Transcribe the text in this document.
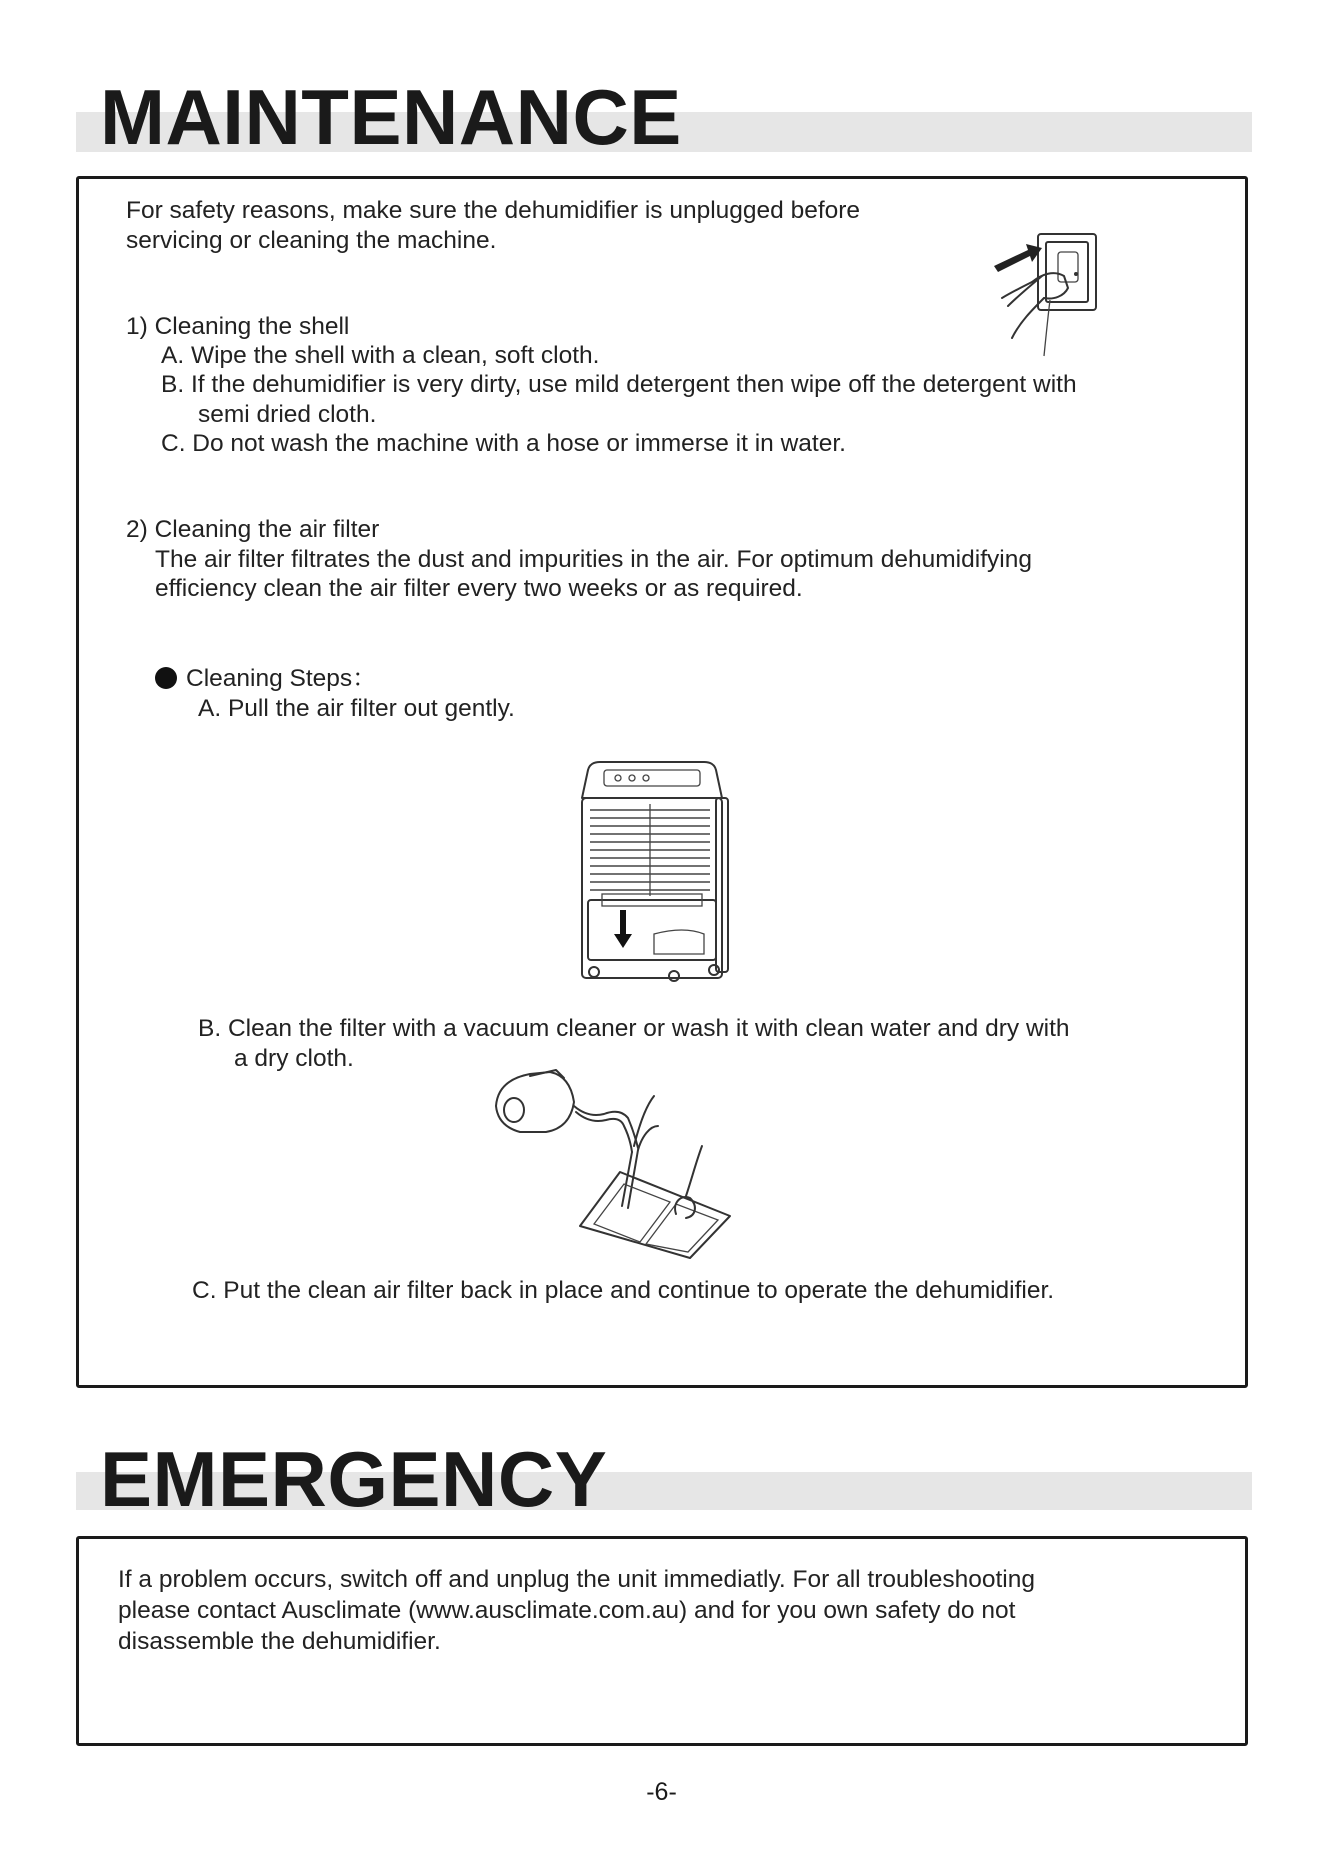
MAINTENANCE
For safety reasons, make sure the dehumidifier is unplugged before
servicing or cleaning the machine.
1) Cleaning the shell
A. Wipe the shell with a clean, soft cloth.
B. If the dehumidifier is very dirty, use mild detergent then wipe off the detergent with
semi dried cloth.
C. Do not wash the machine with a hose or immerse it in water.
2) Cleaning the air filter
The air filter filtrates the dust and impurities in the air. For optimum dehumidifying
efficiency clean the air filter every two weeks or as required.
Cleaning Steps：
A. Pull the air filter out gently.
B. Clean the filter with a vacuum cleaner or wash it with clean water and dry with
a dry cloth.
C. Put the clean air filter back in place and continue to operate the dehumidifier.
EMERGENCY
If a problem occurs, switch off and unplug the unit immediatly. For all troubleshooting
please contact Ausclimate (www.ausclimate.com.au) and for you own safety do not
disassemble the dehumidifier.
-6-
